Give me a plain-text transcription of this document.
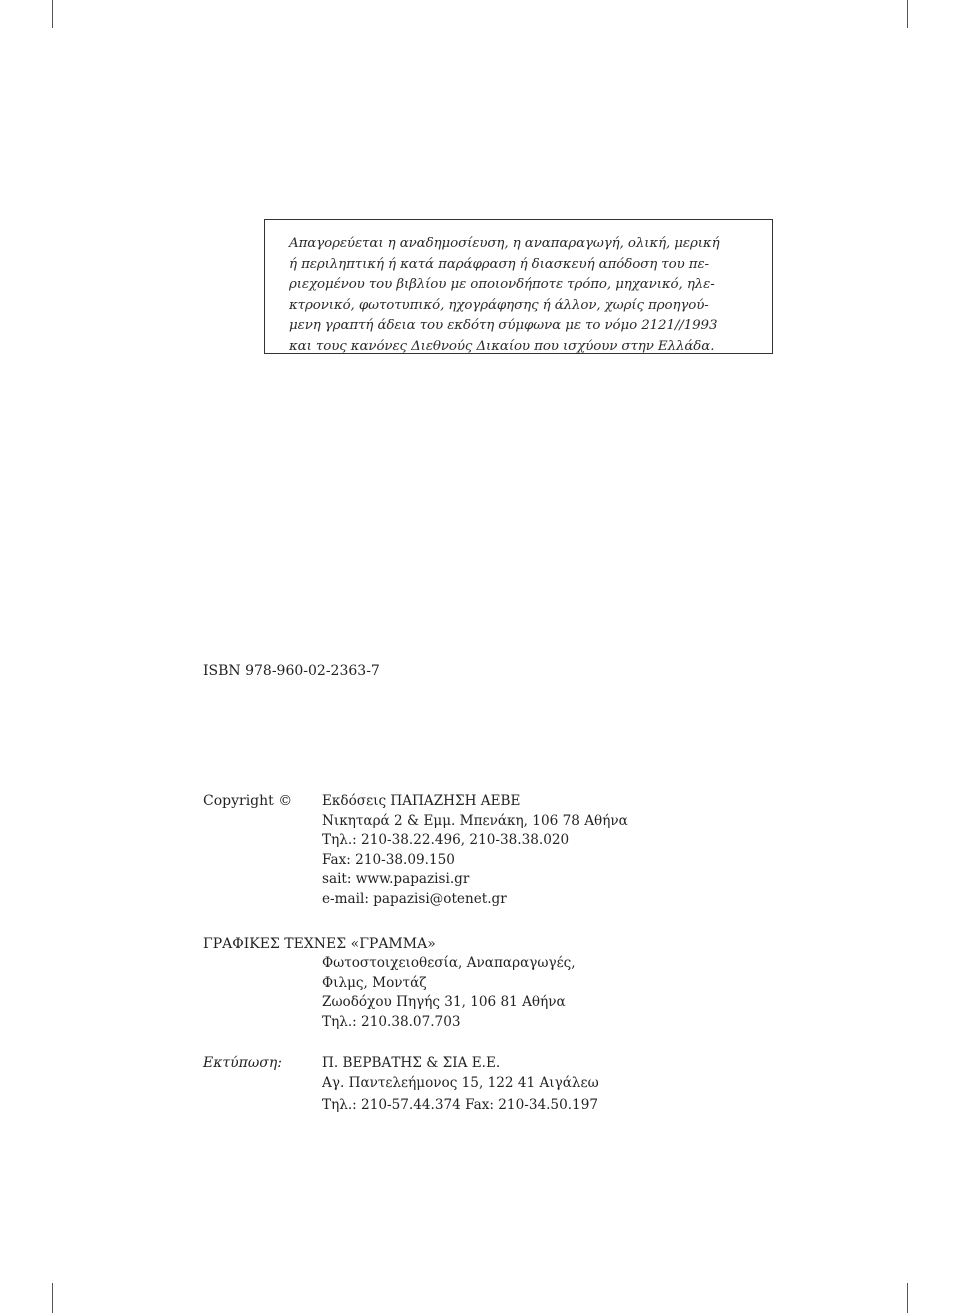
Απαγορεύεται η αναδημοσίευση, η αναπαραγωγή, ολική, μερική
ή περιληπτική ή κατά παράφραση ή διασκευή απόδοση του πε-
ριεχομένου του βιβλίου με οποιονδήποτε τρόπο, μηχανικό, ηλε-
κτρονικό, φωτοτυπικό, ηχογράφησης ή άλλον, χωρίς προηγού-
μενη γραπτή άδεια του εκδότη σύμφωνα με το νόμο 2121//1993
και τους κανόνες Διεθνούς Δικαίου που ισχύουν στην Ελλάδα.
ISBN 978-960-02-2363-7
Copyright © Εκδόσεις ΠΑΠΑΖΗΣΗ ΑΕΒΕ
Νικηταρά 2 & Εμμ. Μπενάκη, 106 78 Αθήνα
Τηλ.: 210-38.22.496, 210-38.38.020
Fax: 210-38.09.150
sait: www.papazisi.gr
e-mail: papazisi@otenet.gr
ΓΡΑΦΙΚΕΣ ΤΕΧΝΕΣ «ΓΡΑΜΜΑ»
Φωτοστοιχειοθεσία, Αναπαραγωγές,
Φιλμς, Μοντάζ
Ζωοδόχου Πηγής 31, 106 81 Αθήνα
Τηλ.: 210.38.07.703
Εκτύπωση:	Π. ΒΕΡΒΑΤΗΣ & ΣΙΑ Ε.Ε.
Αγ. Παντελεήμονος 15, 122 41 Αιγάλεω
Τηλ.: 210-57.44.374 Fax: 210-34.50.197
